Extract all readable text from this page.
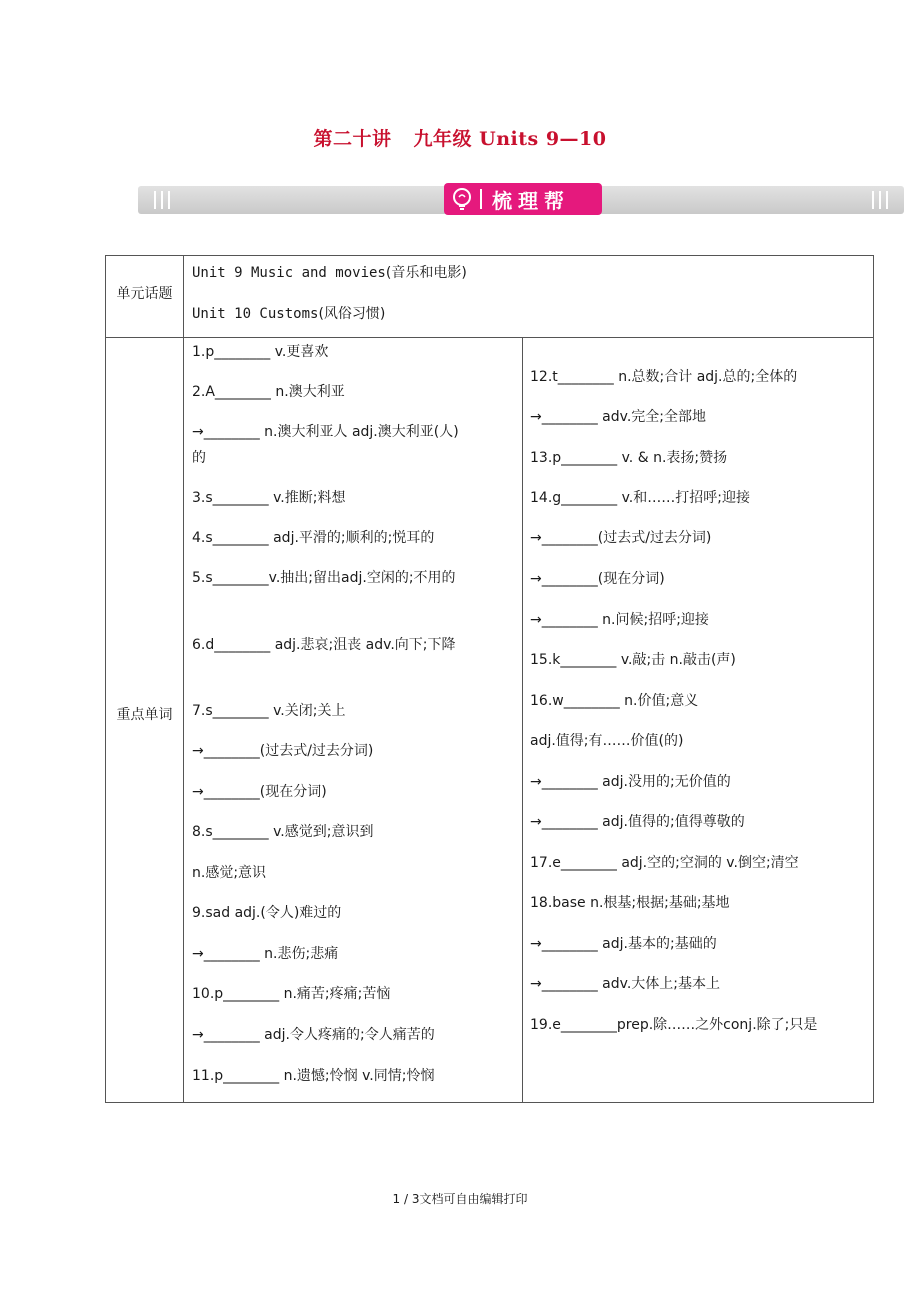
第二十讲 九年级 Units 9—10
梳理帮
单元话题
Unit 9 Music and movies(音乐和电影)
Unit 10 Customs(风俗习惯)
重点单词
1.p________ v.更喜欢
2.A________ n.澳大利亚
→________ n.澳大利亚人 adj.澳大利亚(人)
的
3.s________ v.推断;料想
4.s________ adj.平滑的;顺利的;悦耳的
5.s________v.抽出;留出adj.空闲的;不用的
6.d________ adj.悲哀;沮丧 adv.向下;下降
7.s________ v.关闭;关上
→________(过去式/过去分词)
→________(现在分词)
8.s________ v.感觉到;意识到
n.感觉;意识
9.sad adj.(令人)难过的
→________ n.悲伤;悲痛
10.p________ n.痛苦;疼痛;苦恼
→________ adj.令人疼痛的;令人痛苦的
11.p________ n.遗憾;怜悯 v.同情;怜悯
12.t________ n.总数;合计 adj.总的;全体的
→________ adv.完全;全部地
13.p________ v. & n.表扬;赞扬
14.g________ v.和……打招呼;迎接
→________(过去式/过去分词)
→________(现在分词)
→________ n.问候;招呼;迎接
15.k________ v.敲;击 n.敲击(声)
16.w________ n.价值;意义
adj.值得;有……价值(的)
→________ adj.没用的;无价值的
→________ adj.值得的;值得尊敬的
17.e________ adj.空的;空洞的 v.倒空;清空
18.base n.根基;根据;基础;基地
→________ adj.基本的;基础的
→________ adv.大体上;基本上
19.e________prep.除……之外conj.除了;只是
1 / 3文档可自由编辑打印
